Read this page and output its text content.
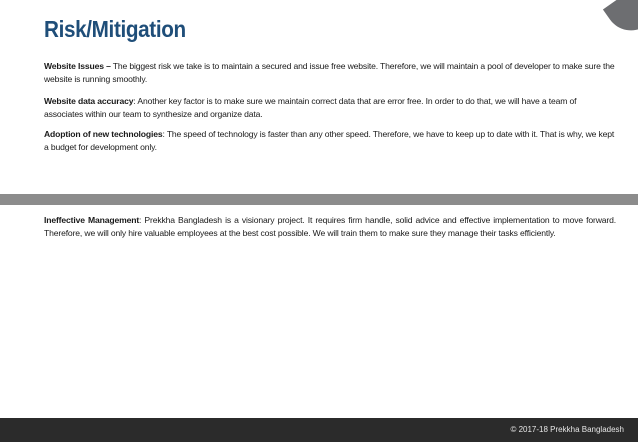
Risk/Mitigation
Website Issues – The biggest risk we take is to maintain a secured and issue free website. Therefore, we will maintain a pool of developer to make sure the website is running smoothly.
Website data accuracy: Another key factor is to make sure we maintain correct data that are error free. In order to do that, we will have a team of associates within our team to synthesize and organize data.
Adoption of new technologies: The speed of technology is faster than any other speed. Therefore, we have to keep up to date with it. That is why, we kept a budget for development only.
Ineffective Management: Prekkha Bangladesh is a visionary project. It requires firm handle, solid advice and effective implementation to move forward. Therefore, we will only hire valuable employees at the best cost possible. We will train them to make sure they manage their tasks efficiently.
© 2017-18 Prekkha Bangladesh
